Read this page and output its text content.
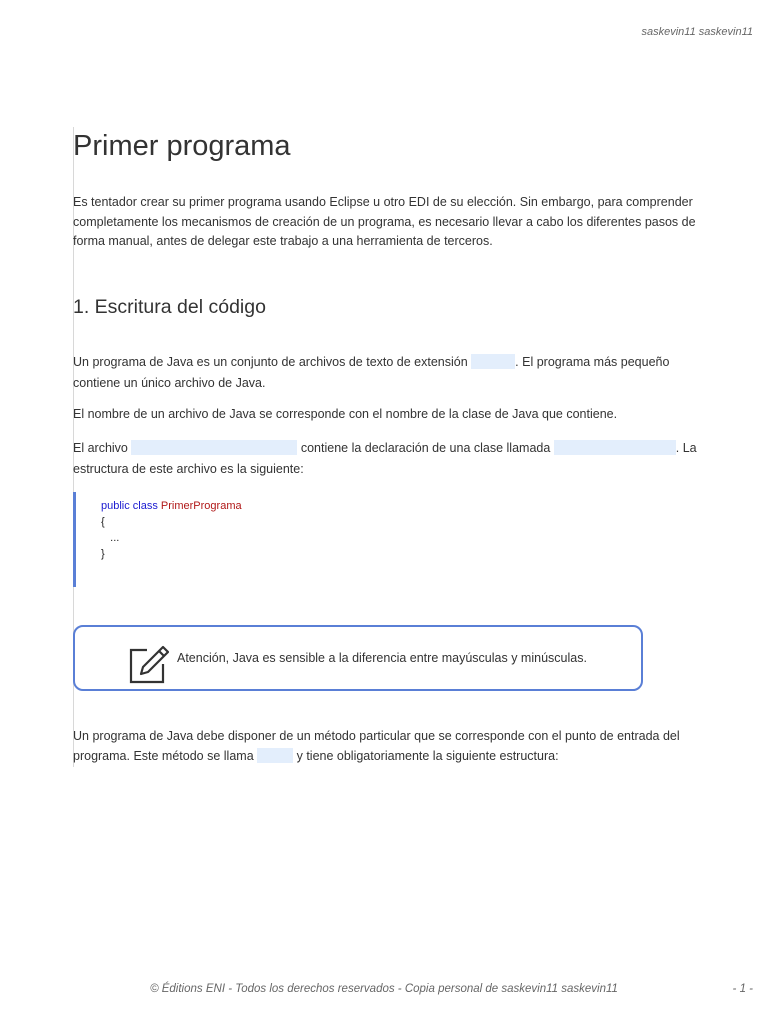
saskevin11 saskevin11
Primer programa

Es tentador crear su primer programa usando Eclipse u otro EDI de su elección. Sin embargo, para comprender completamente los mecanismos de creación de un programa, es necesario llevar a cabo los diferentes pasos de forma manual, antes de delegar este trabajo a una herramienta de terceros.

1. Escritura del código

Un programa de Java es un conjunto de archivos de texto de extensión	. El programa más pequeño contiene un único archivo de Java.

El nombre de un archivo de Java se corresponde con el nombre de la clase de Java que contiene.

El archivo	contiene la declaración de una clase llamada	. La estructura de este archivo es la siguiente:

public class PrimerPrograma
{
...
}
Atención, Java es sensible a la diferencia entre mayúsculas y minúsculas.

Un programa de Java debe disponer de un método particular que se corresponde con el punto de entrada del programa. Este método se llama	y tiene obligatoriamente la siguiente estructura:

© Éditions ENI - Todos los derechos reservados - Copia personal de saskevin11 saskevin11	- 1 -
